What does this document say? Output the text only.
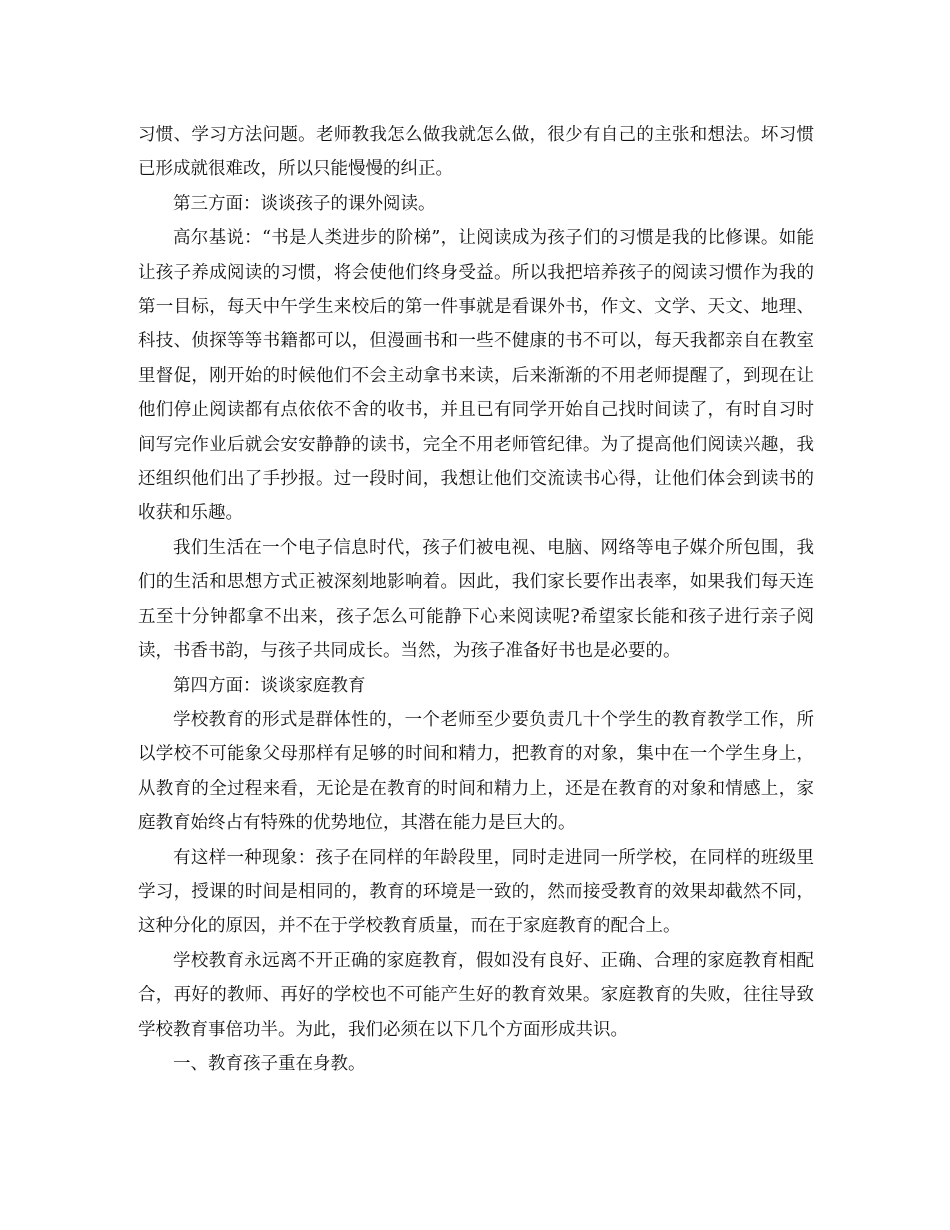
习惯、学习方法问题。老师教我怎么做我就怎么做，很少有自己的主张和想法。坏习惯已形成就很难改，所以只能慢慢的纠正。

第三方面：谈谈孩子的课外阅读。

高尔基说：“书是人类进步的阶梯”，让阅读成为孩子们的习惯是我的比修课。如能让孩子养成阅读的习惯，将会使他们终身受益。所以我把培养孩子的阅读习惯作为我的第一目标，每天中午学生来校后的第一件事就是看课外书，作文、文学、天文、地理、科技、侦探等等书籍都可以，但漫画书和一些不健康的书不可以，每天我都亲自在教室里督促，刚开始的时候他们不会主动拿书来读，后来渐渐的不用老师提醒了，到现在让他们停止阅读都有点依依不舍的收书，并且已有同学开始自己找时间读了，有时自习时间写完作业后就会安安静静的读书，完全不用老师管纪律。为了提高他们阅读兴趣，我还组织他们出了手抄报。过一段时间，我想让他们交流读书心得，让他们体会到读书的收获和乐趣。

我们生活在一个电子信息时代，孩子们被电视、电脑、网络等电子媒介所包围，我们的生活和思想方式正被深刻地影响着。因此，我们家长要作出表率，如果我们每天连五至十分钟都拿不出来，孩子怎么可能静下心来阅读呢?希望家长能和孩子进行亲子阅读，书香书韵，与孩子共同成长。当然，为孩子准备好书也是必要的。

第四方面：谈谈家庭教育

学校教育的形式是群体性的，一个老师至少要负责几十个学生的教育教学工作，所以学校不可能象父母那样有足够的时间和精力，把教育的对象，集中在一个学生身上，从教育的全过程来看，无论是在教育的时间和精力上，还是在教育的对象和情感上，家庭教育始终占有特殊的优势地位，其潜在能力是巨大的。

有这样一种现象：孩子在同样的年龄段里，同时走进同一所学校，在同样的班级里学习，授课的时间是相同的，教育的环境是一致的，然而接受教育的效果却截然不同，这种分化的原因，并不在于学校教育质量，而在于家庭教育的配合上。

学校教育永远离不开正确的家庭教育，假如没有良好、正确、合理的家庭教育相配合，再好的教师、再好的学校也不可能产生好的教育效果。家庭教育的失败，往往导致学校教育事倍功半。为此，我们必须在以下几个方面形成共识。

一、教育孩子重在身教。
